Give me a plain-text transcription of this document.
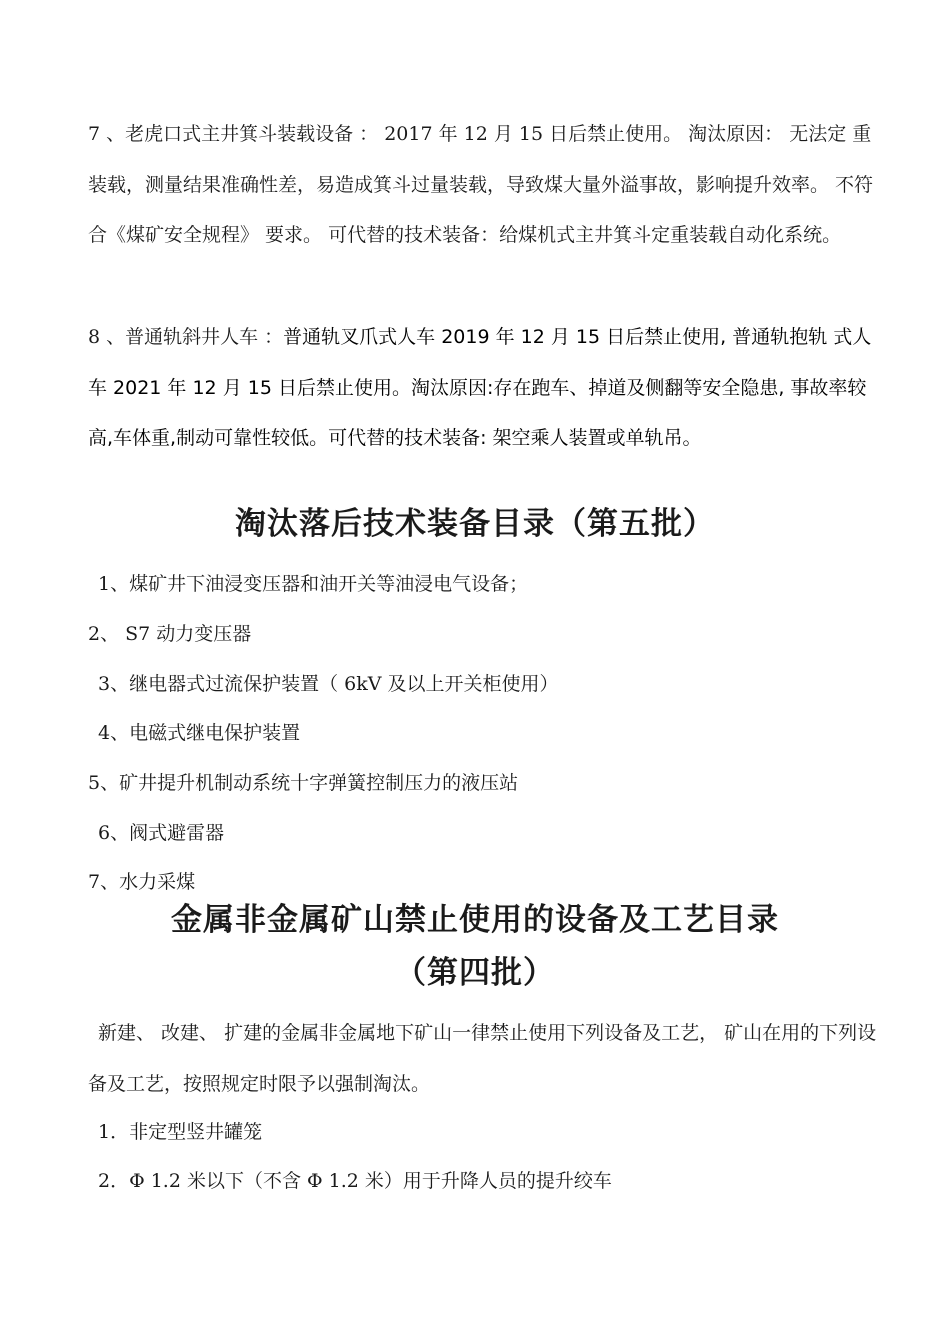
7 、老虎口式主井箕斗装载设备 ： 2017 年 12 月 15 日后禁止使用。 淘汰原因： 无法定 重装载，测量结果准确性差，易造成箕斗过量装载，导致煤大量外溢事故，影响提升效率。 不符合《煤矿安全规程》 要求。 可代替的技术装备：给煤机式主井箕斗定重装载自动化系统。

8 、普通轨斜井人车 ：普通轨叉爪式人车 2019 年 12 月 15 日后禁止使用, 普通轨抱轨 式人车 2021 年 12 月 15 日后禁止使用。淘汰原因:存在跑车、掉道及侧翻等安全隐患, 事故率较高,车体重,制动可靠性较低。可代替的技术装备: 架空乘人装置或单轨吊。

淘汰落后技术装备目录（第五批）

1、煤矿井下油浸变压器和油开关等油浸电气设备；

2、 S7 动力变压器

3、继电器式过流保护装置（ 6kV 及以上开关柜使用）

4、电磁式继电保护装置

5、矿井提升机制动系统十字弹簧控制压力的液压站

6、阀式避雷器

7、水力采煤

金属非金属矿山禁止使用的设备及工艺目录
（第四批）

新建、 改建、 扩建的金属非金属地下矿山一律禁止使用下列设备及工艺， 矿山在用的下列设备及工艺，按照规定时限予以强制淘汰。

1．非定型竖井罐笼

2．Φ 1.2 米以下（不含 Φ 1.2 米）用于升降人员的提升绞车
